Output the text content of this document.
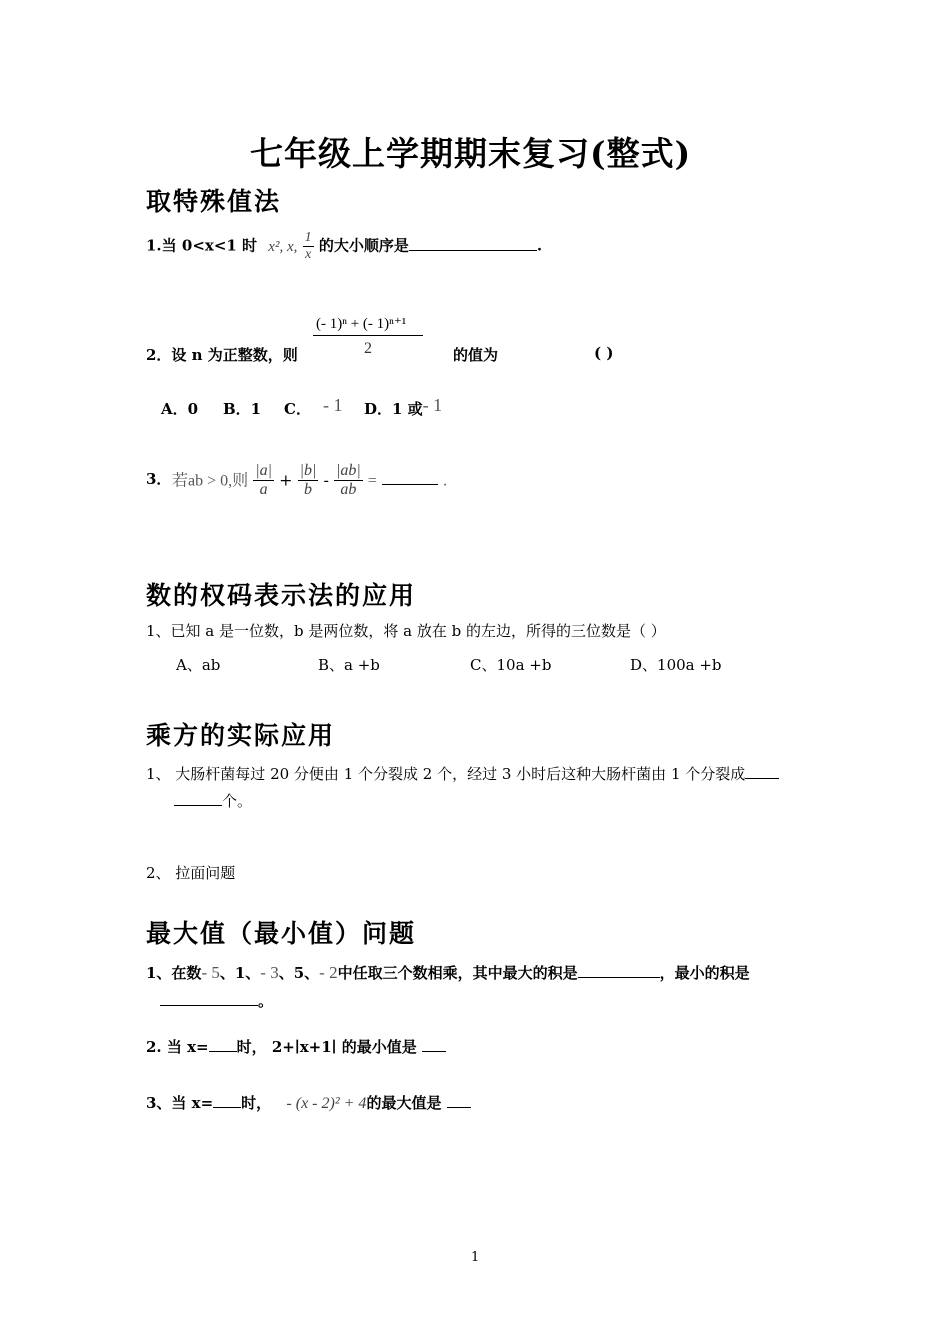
七年级上学期期末复习(整式)
取特殊值法
1.当 0<x<1 时 x², x, $\frac{1}{x}$ 的大小顺序是	.
(- 1)ⁿ + (- 1)ⁿ⁺¹
2
2．设 n 为正整数，则	的值为	( )
A．0 B．1 C． - 1 D．1 或- 1
3． 若ab > 0,则 $\frac{|a|}{a} + \frac{|b|}{b} - \frac{|ab|}{ab}$ =	.
数的权码表示法的应用
1、已知 a 是一位数，b 是两位数，将 a 放在 b 的左边，所得的三位数是（ ）
A、ab	B、a +b	C、10a +b	D、100a +b
乘方的实际应用
1、 大肠杆菌每过 20 分便由 1 个分裂成 2 个，经过 3 小时后这种大肠杆菌由 1 个分裂成
个。
2、 拉面问题
最大值（最小值）问题
1、在数- 5、1、- 3、5、- 2中任取三个数相乘，其中最大的积是	，最小的积是
。
2. 当 x= 时， 2+∣x+1∣ 的最小值是
3、当 x= 时， - (x - 2)² + 4的最大值是
1
